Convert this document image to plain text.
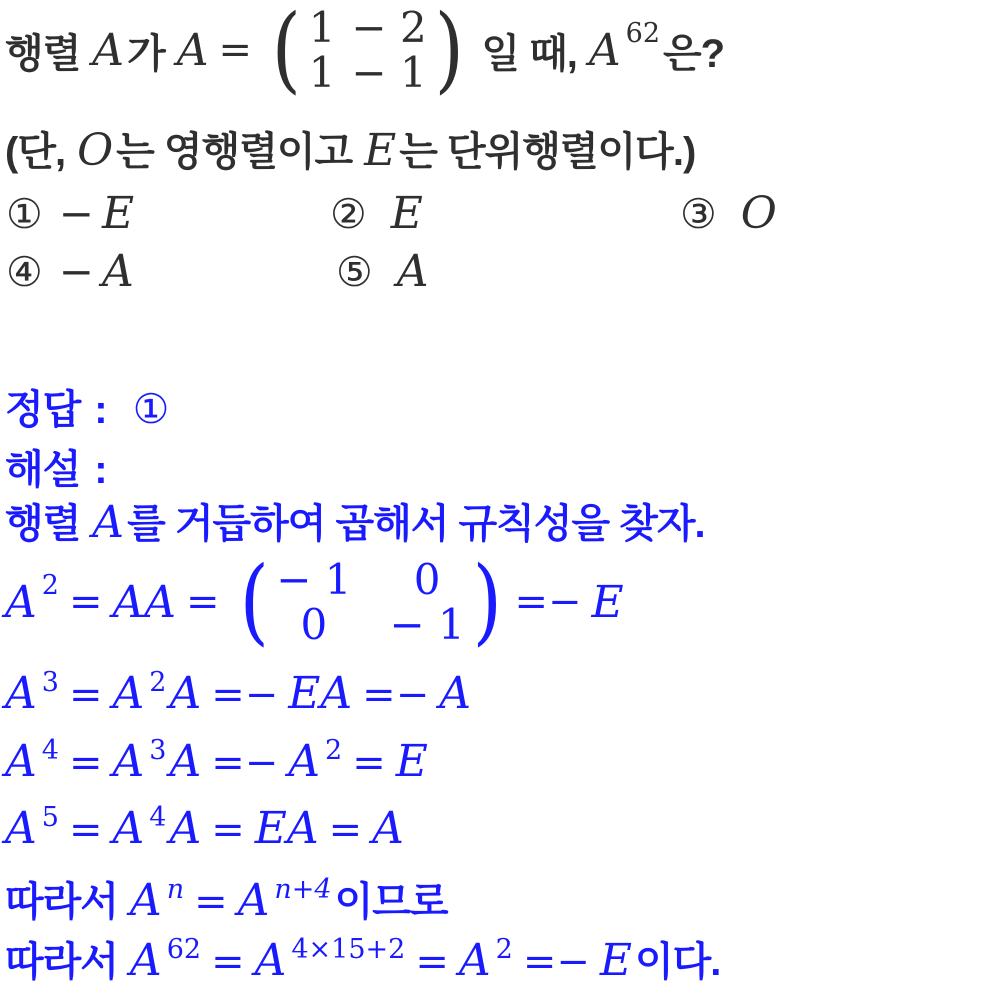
행렬 A 가 A = ( 1 − 2
1 − 1 ) 일 때, A 62 은?
(단, O 는 영행렬이고 E 는 단위행렬이다.)
① − E	② E	③ O
④ − A	⑤ A
정답 : ①
해설 :
행렬 A 를 거듭하여 곱해서 규칙성을 찾자.
A 2 = AA = ( − 1 0
0 − 1 ) =− E
A 3 = A 2 A =− EA =− A
A 4 = A 3 A =− A 2 = E
A 5 = A 4 A = EA = A
따라서 A n = A n+4 이므로
따라서 A 62 = A 4×15+2 = A 2 =− E 이다.
